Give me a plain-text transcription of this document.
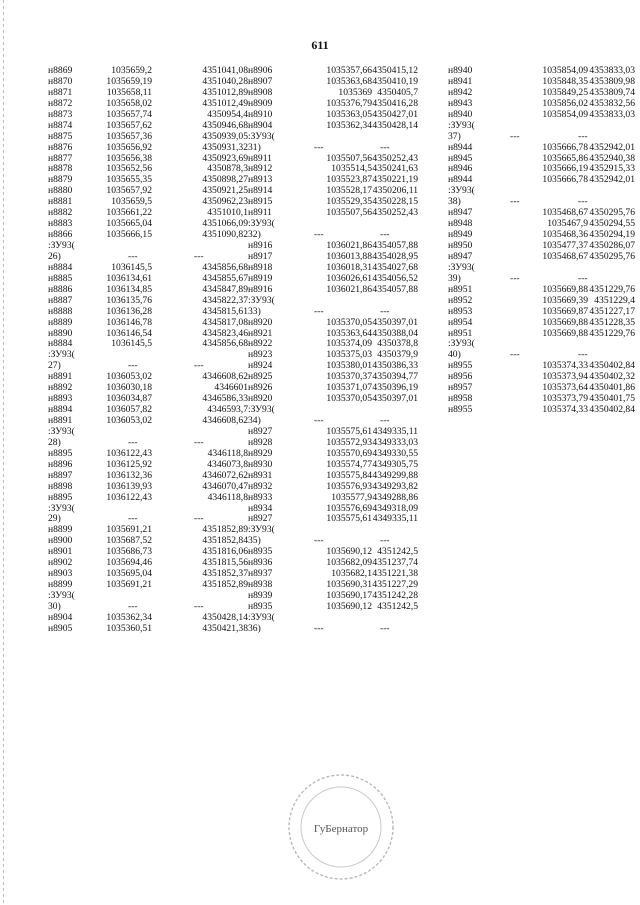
611
н8869	1035659,2	4351041,08
н8870	1035659,19	4351040,28
н8871	1035658,11	4351012,89
н8872	1035658,02	4351012,49
н8873	1035657,74	4350954,4
н8874	1035657,62	4350946,68
н8875	1035657,36	4350939,05
н8876	1035656,92	4350931,32
н8877	1035656,38	4350923,69
н8878	1035652,56	4350878,3
н8879	1035655,35	4350898,27
н8880	1035657,92	4350921,25
н8881	1035659,5	4350962,23
н8882	1035661,22	4351010,1
н8883	1035665,04	4351066,09
н8866	1035666,15	4351090,82
:ЗУ93(
26)	---	---
н8884	1036145,5	4345856,68
н8885	1036134,61	4345855,67
н8886	1036134,85	4345847,89
н8887	1036135,76	4345822,37
н8888	1036136,28	4345815,61
н8889	1036146,78	4345817,08
н8890	1036146,54	4345823,46
н8884	1036145,5	4345856,68
:ЗУ93(
27)	---	---
н8891	1036053,02	4346608,62
н8892	1036030,18	4346601
н8893	1036034,87	4346586,33
н8894	1036057,82	4346593,7
н8891	1036053,02	4346608,62
:ЗУ93(
28)	---	---
н8895	1036122,43	4346118,8
н8896	1036125,92	4346073,8
н8897	1036132,36	4346072,62
н8898	1036139,93	4346070,47
н8895	1036122,43	4346118,8
:ЗУ93(
29)	---	---
н8899	1035691,21	4351852,89
н8900	1035687,52	4351852,84
н8901	1035686,73	4351816,06
н8902	1035694,46	4351815,56
н8903	1035695,04	4351852,37
н8899	1035691,21	4351852,89
:ЗУ93(
30)	---	---
н8904	1035362,34	4350428,14
н8905	1035360,51	4350421,38
н8906	1035357,66 4350415,12
н8907	1035363,68 4350410,19
н8908	1035369 4350405,7
н8909	1035376,79 4350416,28
н8910	1035363,05 4350427,01
н8904	1035362,34 4350428,14
:ЗУ93(
31)	---	---
н8911	1035507,56 4350252,43
н8912	1035514,5 4350241,63
н8913	1035523,87 4350221,19
н8914	1035528,17 4350206,11
н8915	1035529,35 4350228,15
н8911	1035507,56 4350252,43
:ЗУ93(
32)	---	---
н8916	1036021,86 4354057,88
н8917	1036013,88 4354028,95
н8918	1036018,31 4354027,68
н8919	1036026,61 4354056,52
н8916	1036021,86 4354057,88
:ЗУ93(
33)	---	---
н8920	1035370,05 4350397,01
н8921	1035363,64 4350388,04
н8922	1035374,09 4350378,8
н8923	1035375,03 4350379,9
н8924	1035380,01 4350386,33
н8925	1035370,37 4350394,77
н8926	1035371,07 4350396,19
н8920	1035370,05 4350397,01
:ЗУ93(
34)	---	---
н8927	1035575,61 4349335,11
н8928	1035572,93 4349333,03
н8929	1035570,69 4349330,55
н8930	1035574,77 4349305,75
н8931	1035575,84 4349299,88
н8932	1035576,93 4349293,82
н8933	1035577,9 4349288,86
н8934	1035576,69 4349318,09
н8927	1035575,61 4349335,11
:ЗУ93(
35)	---	---
н8935	1035690,12 4351242,5
н8936	1035682,09 4351237,74
н8937	1035682,1 4351221,38
н8938	1035690,31 4351227,29
н8939	1035690,17 4351242,28
н8935	1035690,12 4351242,5
:ЗУ93(
36)	---	---
н8940	1035854,09 4353833,03
н8941	1035848,35 4353809,98
н8942	1035849,25 4353809,74
н8943	1035856,02 4353832,56
н8940	1035854,09 4353833,03
:ЗУ93(
37)	---	---
н8944	1035666,78 4352942,01
н8945	1035665,86 4352940,38
н8946	1035666,19 4352915,33
н8944	1035666,78 4352942,01
:ЗУ93(
38)	---	---
н8947	1035468,67 4350295,76
н8948	1035467,9 4350294,55
н8949	1035468,36 4350294,19
н8950	1035477,37 4350286,07
н8947	1035468,67 4350295,76
:ЗУ93(
39)	---	---
н8951	1035669,88 4351229,76
н8952	1035669,39 4351229,4
н8953	1035669,87 4351227,17
н8954	1035669,88 4351228,35
н8951	1035669,88 4351229,76
:ЗУ93(
40)	---	---
н8955	1035374,33 4350402,84
н8956	1035373,94 4350402,32
н8957	1035373,64 4350401,86
н8958	1035373,79 4350401,75
н8955	1035374,33 4350402,84
ГуБернатор
